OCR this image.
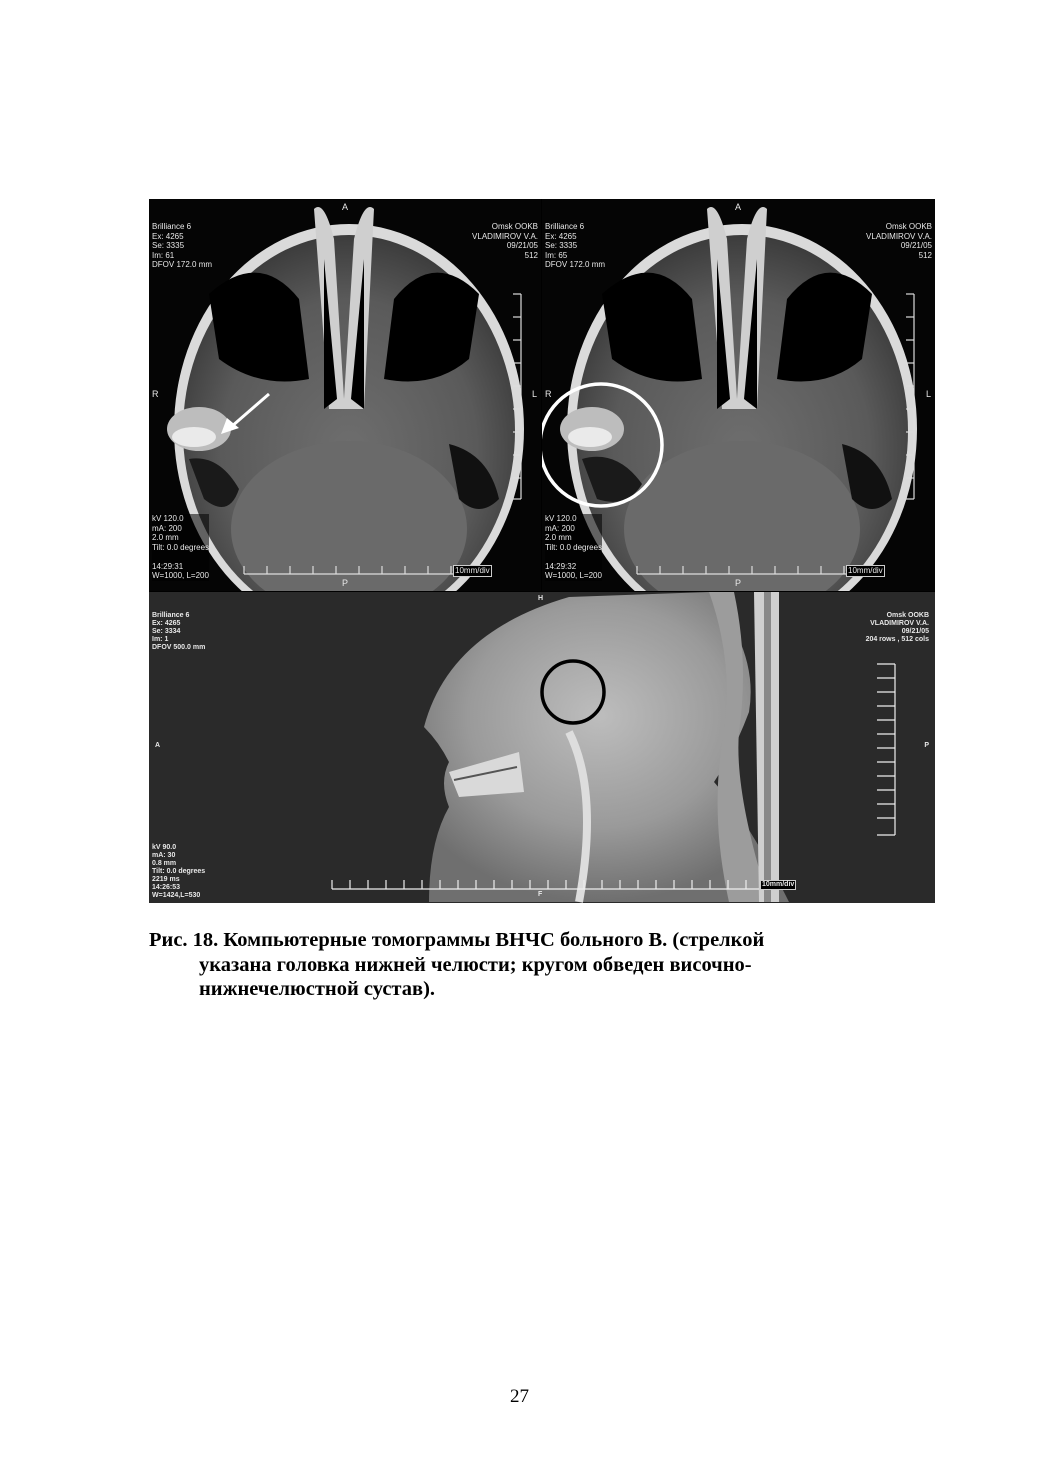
Brilliance 6
Ex: 4265
Se: 3335
Im: 61
DFOV 172.0 mm

Omsk OOKB
VLADIMIROV V.A.
09/21/05
512

kV 120.0
mA: 200
2.0 mm
Tilt: 0.0 degrees

14:29:31
W=1000, L=200

10mm/div
A
P
R	L

Brilliance 6
Ex: 4265
Se: 3335
Im: 65
DFOV 172.0 mm

Omsk OOKB
VLADIMIROV V.A.
09/21/05
512

kV 120.0
mA: 200
2.0 mm
Tilt: 0.0 degrees

14:29:32
W=1000, L=200

10mm/div
A
P
R	L

Brilliance 6
Ex: 4265
Se: 3334
Im: 1
DFOV 500.0 mm

Omsk OOKB
VLADIMIROV V.A.
09/21/05
204 rows , 512 cols

kV 90.0
mA: 30
0.8 mm
Tilt: 0.0 degrees
2219 ms
14:26:53
W=1424,L=530

10mm/div
H
F
A	P
Рис. 18. Компьютерные томограммы ВНЧС больного В. (стрелкой
указана головка нижней челюсти; кругом обведен височно-
нижнечелюстной сустав).
27
